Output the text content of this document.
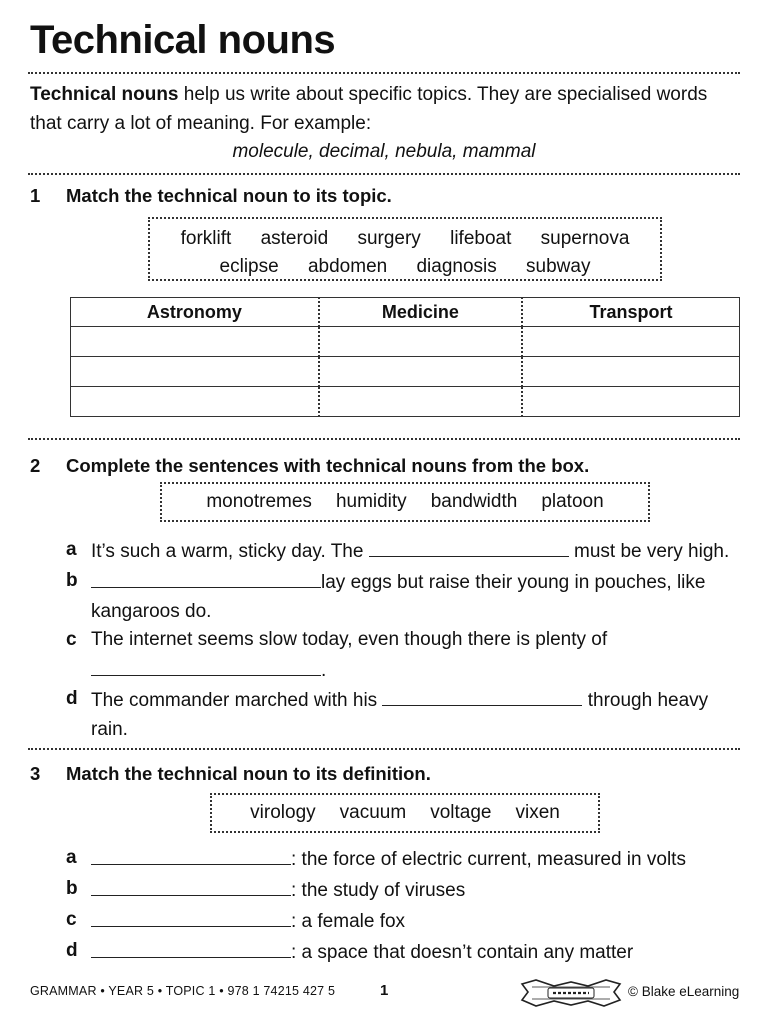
Technical nouns
Technical nouns help us write about specific topics. They are specialised words
that carry a lot of meaning. For example:
molecule, decimal, nebula, mammal
1 Match the technical noun to its topic.
forklift asteroid surgery lifeboat supernova
eclipse abdomen diagnosis subway
Astronomy	Medicine	Transport

2 Complete the sentences with technical nouns from the box.
monotremes humidity bandwidth platoon
a It’s such a warm, sticky day. The	must be very high.
b	lay eggs but raise their young in pouches, like
kangaroos do.
c The internet seems slow today, even though there is plenty of
.
d The commander marched with his	through heavy
rain.
3 Match the technical noun to its definition.
virology vacuum voltage vixen
a	: the force of electric current, measured in volts
b	: the study of viruses
c	: a female fox
d	: a space that doesn’t contain any matter
GRAMMAR • YEAR 5 • TOPIC 1 • 978 1 74215 427 5	1	© Blake eLearning
